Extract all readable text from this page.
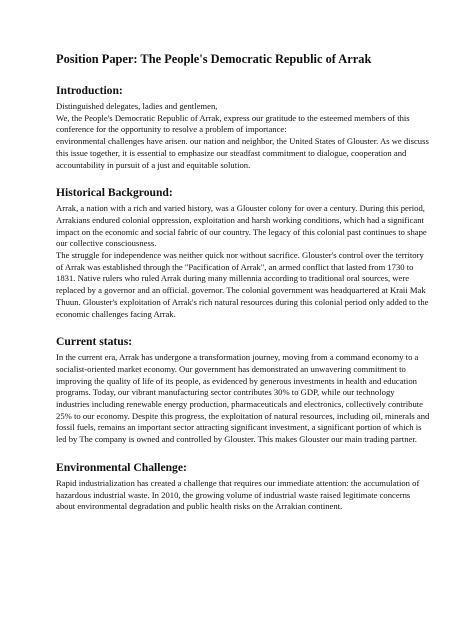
Position Paper: The People's Democratic Republic of Arrak
Introduction:

Distinguished delegates, ladies and gentlemen,

We, the People's Democratic Republic of Arrak, express our gratitude to the esteemed members of this conference for the opportunity to resolve a problem of importance:

environmental challenges have arisen. our nation and neighbor, the United States of Glouster. As we discuss this issue together, it is essential to emphasize our steadfast commitment to dialogue, cooperation and accountability in pursuit of a just and equitable solution.

Historical Background:

Arrak, a nation with a rich and varied history, was a Glouster colony for over a century. During this period, Arrakians endured colonial oppression, exploitation and harsh working conditions, which had a significant impact on the economic and social fabric of our country. The legacy of this colonial past continues to shape our collective consciousness.

The struggle for independence was neither quick nor without sacrifice. Glouster's control over the territory of Arrak was established through the "Pacification of Arrak", an armed conflict that lasted from 1730 to 1831. Native rulers who ruled Arrak during many millennia according to traditional oral sources, were replaced by a governor and an official. governor. The colonial government was headquartered at Kraii Mak Thuun. Glouster's exploitation of Arrak's rich natural resources during this colonial period only added to the economic challenges facing Arrak.

Current status:

In the current era, Arrak has undergone a transformation journey, moving from a command economy to a socialist-oriented market economy. Our government has demonstrated an unwavering commitment to improving the quality of life of its people, as evidenced by generous investments in health and education programs. Today, our vibrant manufacturing sector contributes 30% to GDP, while our technology industries including renewable energy production, pharmaceuticals and electronics, collectively contribute 25% to our economy. Despite this progress, the exploitation of natural resources, including oil, minerals and fossil fuels, remains an important sector attracting significant investment, a significant portion of which is led by The company is owned and controlled by Glouster. This makes Glouster our main trading partner.

Environmental Challenge:

Rapid industrialization has created a challenge that requires our immediate attention: the accumulation of hazardous industrial waste. In 2010, the growing volume of industrial waste raised legitimate concerns about environmental degradation and public health risks on the Arrakian continent.
